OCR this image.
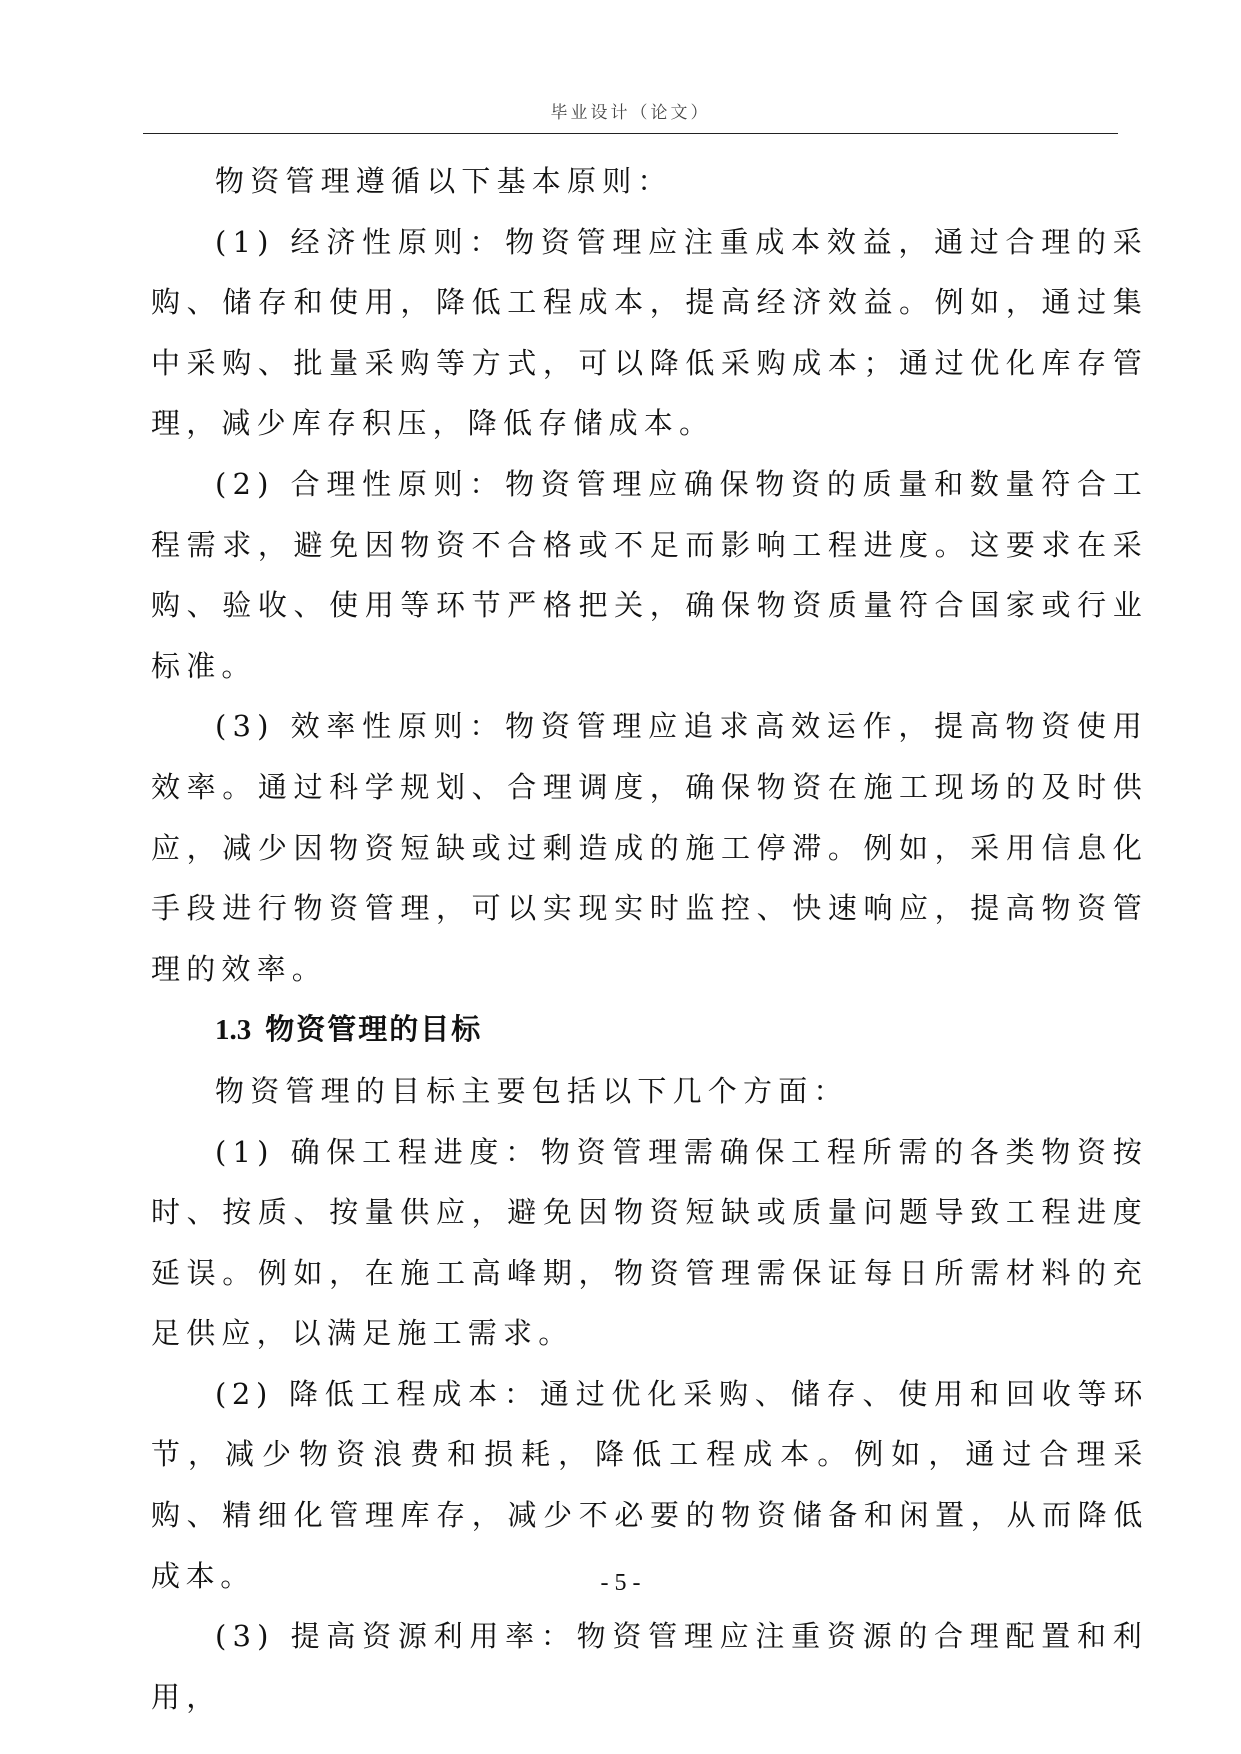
毕业设计（论文）

物资管理遵循以下基本原则：

(1) 经济性原则：物资管理应注重成本效益，通过合理的采购、储存和使用，降低工程成本，提高经济效益。例如，通过集中采购、批量采购等方式，可以降低采购成本；通过优化库存管理，减少库存积压，降低存储成本。

(2) 合理性原则：物资管理应确保物资的质量和数量符合工程需求，避免因物资不合格或不足而影响工程进度。这要求在采购、验收、使用等环节严格把关，确保物资质量符合国家或行业标准。

(3) 效率性原则：物资管理应追求高效运作，提高物资使用效率。通过科学规划、合理调度，确保物资在施工现场的及时供应，减少因物资短缺或过剩造成的施工停滞。例如，采用信息化手段进行物资管理，可以实现实时监控、快速响应，提高物资管理的效率。

1.3 物资管理的目标

物资管理的目标主要包括以下几个方面：

(1) 确保工程进度：物资管理需确保工程所需的各类物资按时、按质、按量供应，避免因物资短缺或质量问题导致工程进度延误。例如，在施工高峰期，物资管理需保证每日所需材料的充足供应，以满足施工需求。

(2) 降低工程成本：通过优化采购、储存、使用和回收等环节，减少物资浪费和损耗，降低工程成本。例如，通过合理采购、精细化管理库存，减少不必要的物资储备和闲置，从而降低成本。

(3) 提高资源利用率：物资管理应注重资源的合理配置和利用，

- 5 -
